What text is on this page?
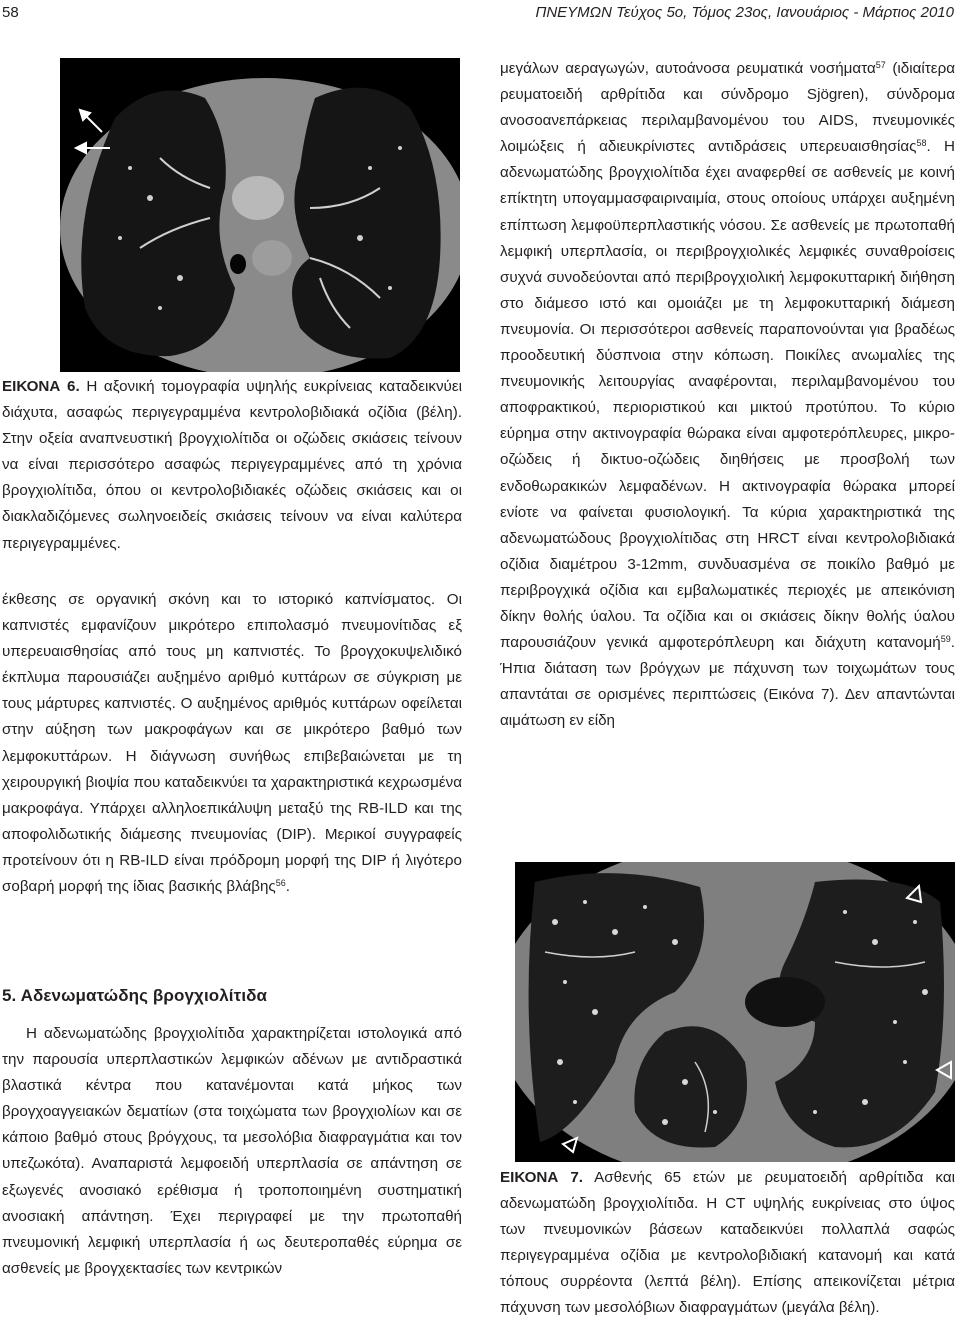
58	ΠΝΕΥΜΩΝ Τεύχος 5ο, Τόμος 23ος, Ιανουάριος - Μάρτιος 2010

ΕΙΚΟΝΑ 6. Η αξονική τομογραφία υψηλής ευκρίνειας καταδεικνύει διάχυτα, ασαφώς περιγεγραμμένα κεντρολοβιδιακά οζίδια (βέλη). Στην οξεία αναπνευστική βρογχιολίτιδα οι οζώδεις σκιάσεις τείνουν να είναι περισσότερο ασαφώς περιγεγραμμένες από τη χρόνια βρογχιολίτιδα, όπου οι κεντρολοβιδιακές οζώδεις σκιάσεις και οι διακλαδιζόμενες σωληνοειδείς σκιάσεις τείνουν να είναι καλύτερα περιγεγραμμένες.

έκθεσης σε οργανική σκόνη και το ιστορικό καπνίσματος. Οι καπνιστές εμφανίζουν μικρότερο επιπολασμό πνευμονίτιδας εξ υπερευαισθησίας από τους μη καπνιστές. Το βρογχοκυψελιδικό έκπλυμα παρουσιάζει αυξημένο αριθμό κυττάρων σε σύγκριση με τους μάρτυρες καπνιστές. Ο αυξημένος αριθμός κυττάρων οφείλεται στην αύξηση των μακροφάγων και σε μικρότερο βαθμό των λεμφοκυττάρων. Η διάγνωση συνήθως επιβεβαιώνεται με τη χειρουργική βιοψία που καταδεικνύει τα χαρακτηριστικά κεχρωσμένα μακροφάγα. Υπάρχει αλληλοεπικάλυψη μεταξύ της RB-ILD και της αποφολιδωτικής διάμεσης πνευμονίας (DIP). Μερικοί συγγραφείς προτείνουν ότι η RB-ILD είναι πρόδρομη μορφή της DIP ή λιγότερο σοβαρή μορφή της ίδιας βασικής βλάβης$^{56}$.

5. Αδενωματώδης βρογχιολίτιδα

Η αδενωματώδης βρογχιολίτιδα χαρακτηρίζεται ιστολογικά από την παρουσία υπερπλαστικών λεμφικών αδένων με αντιδραστικά βλαστικά κέντρα που κατανέμονται κατά μήκος των βρογχοαγγειακών δεματίων (στα τοιχώματα των βρογχιολίων και σε κάποιο βαθμό στους βρόγχους, τα μεσολόβια διαφραγμάτια και τον υπεζωκότα). Αναπαριστά λεμφοειδή υπερπλασία σε απάντηση σε εξωγενές ανοσιακό ερέθισμα ή τροποποιημένη συστηματική ανοσιακή απάντηση. Έχει περιγραφεί με την πρωτοπαθή πνευμονική λεμφική υπερπλασία ή ως δευτεροπαθές εύρημα σε ασθενείς με βρογχεκτασίες των κεντρικών

μεγάλων αεραγωγών, αυτοάνοσα ρευματικά νοσήματα$^{57}$ (ιδιαίτερα ρευματοειδή αρθρίτιδα και σύνδρομο Sjögren), σύνδρομα ανοσοανεπάρκειας περιλαμβανομένου του AIDS, πνευμονικές λοιμώξεις ή αδιευκρίνιστες αντιδράσεις υπερευαισθησίας$^{58}$. Η αδενωματώδης βρογχιολίτιδα έχει αναφερθεί σε ασθενείς με κοινή επίκτητη υπογαμμασφαιριναιμία, στους οποίους υπάρχει αυξημένη επίπτωση λεμφοϋπερπλαστικής νόσου. Σε ασθενείς με πρωτοπαθή λεμφική υπερπλασία, οι περιβρογχιολικές λεμφικές συναθροίσεις συχνά συνοδεύονται από περιβρογχιολική λεμφοκυτταρική διήθηση στο διάμεσο ιστό και ομοιάζει με τη λεμφοκυτταρική διάμεση πνευμονία. Οι περισσότεροι ασθενείς παραπονούνται για βραδέως προοδευτική δύσπνοια στην κόπωση. Ποικίλες ανωμαλίες της πνευμονικής λειτουργίας αναφέρονται, περιλαμβανομένου του αποφρακτικού, περιοριστικού και μικτού προτύπου. Το κύριο εύρημα στην ακτινογραφία θώρακα είναι αμφοτερόπλευρες, μικρο-οζώδεις ή δικτυο-οζώδεις διηθήσεις με προσβολή των ενδοθωρακικών λεμφαδένων. Η ακτινογραφία θώρακα μπορεί ενίοτε να φαίνεται φυσιολογική. Τα κύρια χαρακτηριστικά της αδενωματώδους βρογχιολίτιδας στη HRCT είναι κεντρολοβιδιακά οζίδια διαμέτρου 3-12mm, συνδυασμένα σε ποικίλο βαθμό με περιβρογχικά οζίδια και εμβαλωματικές περιοχές με απεικόνιση δίκην θολής ύαλου. Τα οζίδια και οι σκιάσεις δίκην θολής ύαλου παρουσιάζουν γενικά αμφοτερόπλευρη και διάχυτη κατανομή$^{59}$. Ήπια διάταση των βρόγχων με πάχυνση των τοιχωμάτων τους απαντάται σε ορισμένες περιπτώσεις (Εικόνα 7). Δεν απαντώνται αιμάτωση εν είδη

ΕΙΚΟΝΑ 7. Ασθενής 65 ετών με ρευματοειδή αρθρίτιδα και αδενωματώδη βρογχιολίτιδα. Η CT υψηλής ευκρίνειας στο ύψος των πνευμονικών βάσεων καταδεικνύει πολλαπλά σαφώς περιγεγραμμένα οζίδια με κεντρολοβιδιακή κατανομή και κατά τόπους συρρέοντα (λεπτά βέλη). Επίσης απεικονίζεται μέτρια πάχυνση των μεσολόβιων διαφραγμάτων (μεγάλα βέλη).
